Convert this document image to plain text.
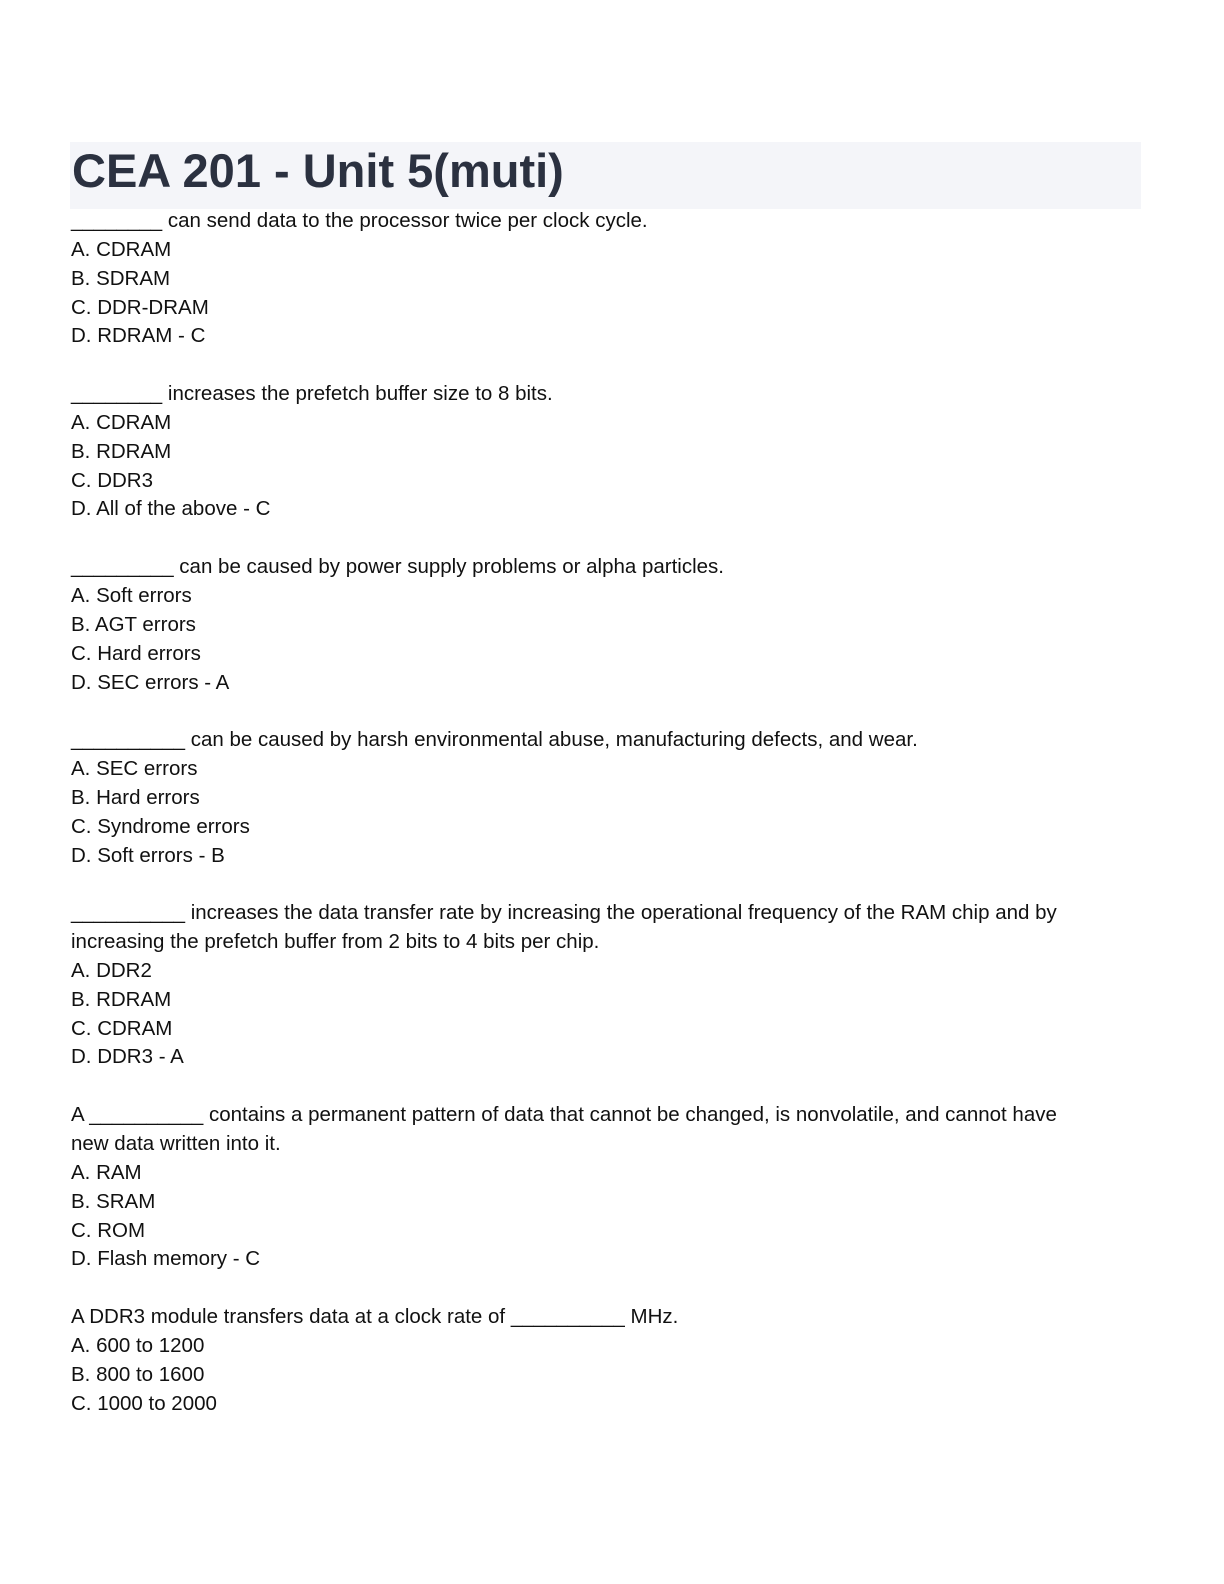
CEA 201 - Unit 5(muti)
________ can send data to the processor twice per clock cycle.
A. CDRAM
B. SDRAM
C. DDR-DRAM
D. RDRAM - C
________ increases the prefetch buffer size to 8 bits.
A. CDRAM
B. RDRAM
C. DDR3
D. All of the above - C
_________ can be caused by power supply problems or alpha particles.
A. Soft errors
B. AGT errors
C. Hard errors
D. SEC errors - A
__________ can be caused by harsh environmental abuse, manufacturing defects, and wear.
A. SEC errors
B. Hard errors
C. Syndrome errors
D. Soft errors - B
__________ increases the data transfer rate by increasing the operational frequency of the RAM chip and by
increasing the prefetch buffer from 2 bits to 4 bits per chip.
A. DDR2
B. RDRAM
C. CDRAM
D. DDR3 - A
A __________ contains a permanent pattern of data that cannot be changed, is nonvolatile, and cannot have
new data written into it.
A. RAM
B. SRAM
C. ROM
D. Flash memory - C
A DDR3 module transfers data at a clock rate of __________ MHz.
A. 600 to 1200
B. 800 to 1600
C. 1000 to 2000
